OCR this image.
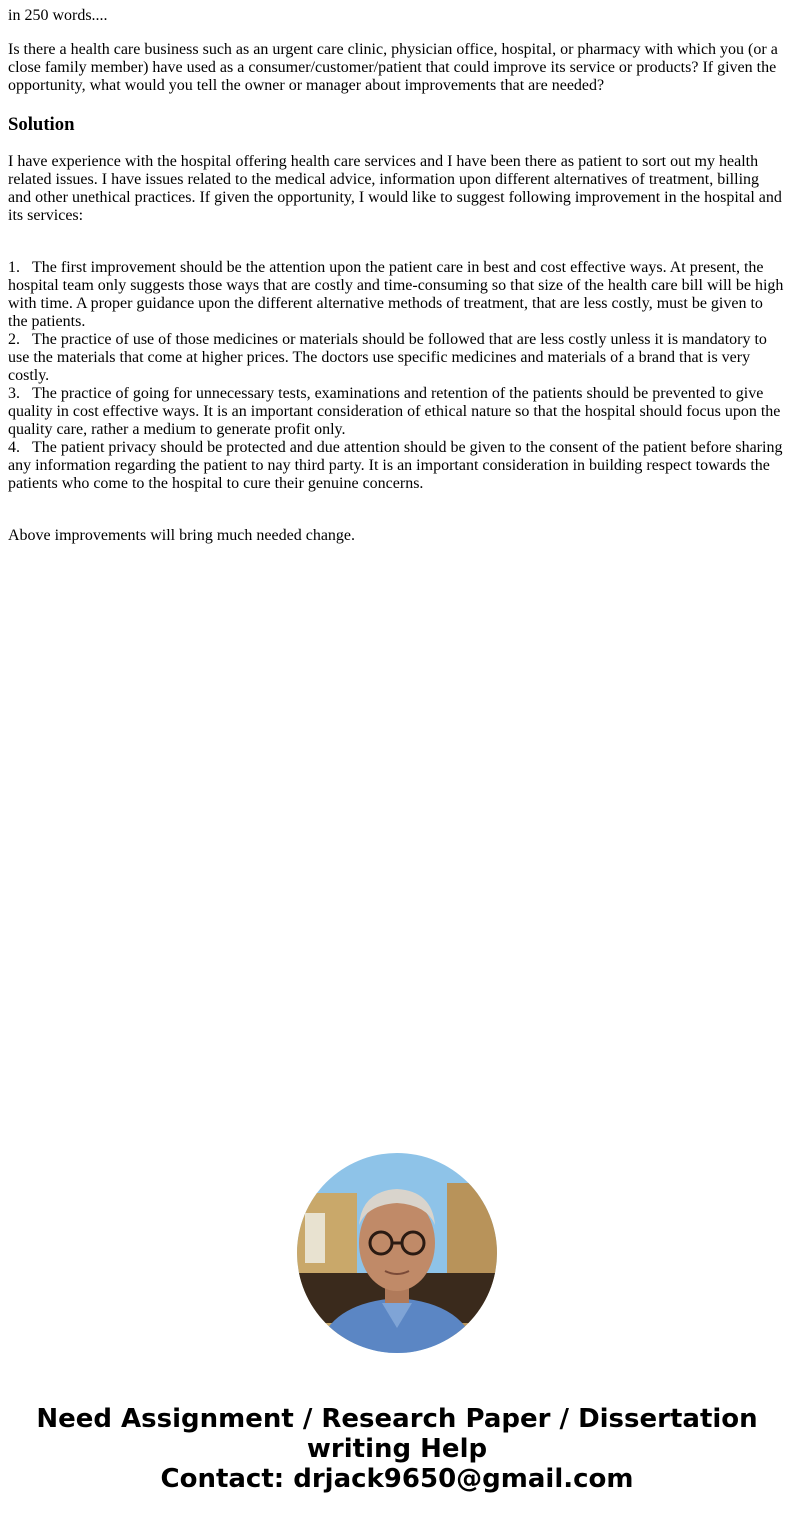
in 250 words....

Is there a health care business such as an urgent care clinic, physician office, hospital, or pharmacy with which you (or a close family member) have used as a consumer/customer/patient that could improve its service or products? If given the opportunity, what would you tell the owner or manager about improvements that are needed?

Solution

I have experience with the hospital offering health care services and I have been there as patient to sort out my health related issues. I have issues related to the medical advice, information upon different alternatives of treatment, billing and other unethical practices. If given the opportunity, I would like to suggest following improvement in the hospital and its services:

1. The first improvement should be the attention upon the patient care in best and cost effective ways. At present, the hospital team only suggests those ways that are costly and time-consuming so that size of the health care bill will be high with time. A proper guidance upon the different alternative methods of treatment, that are less costly, must be given to the patients.

2. The practice of use of those medicines or materials should be followed that are less costly unless it is mandatory to use the materials that come at higher prices. The doctors use specific medicines and materials of a brand that is very costly.

3. The practice of going for unnecessary tests, examinations and retention of the patients should be prevented to give quality in cost effective ways. It is an important consideration of ethical nature so that the hospital should focus upon the quality care, rather a medium to generate profit only.

4. The patient privacy should be protected and due attention should be given to the consent of the patient before sharing any information regarding the patient to nay third party. It is an important consideration in building respect towards the patients who come to the hospital to cure their genuine concerns.

Above improvements will bring much needed change.

Need Assignment / Research Paper / Dissertation writing Help
Contact: drjack9650@gmail.com
